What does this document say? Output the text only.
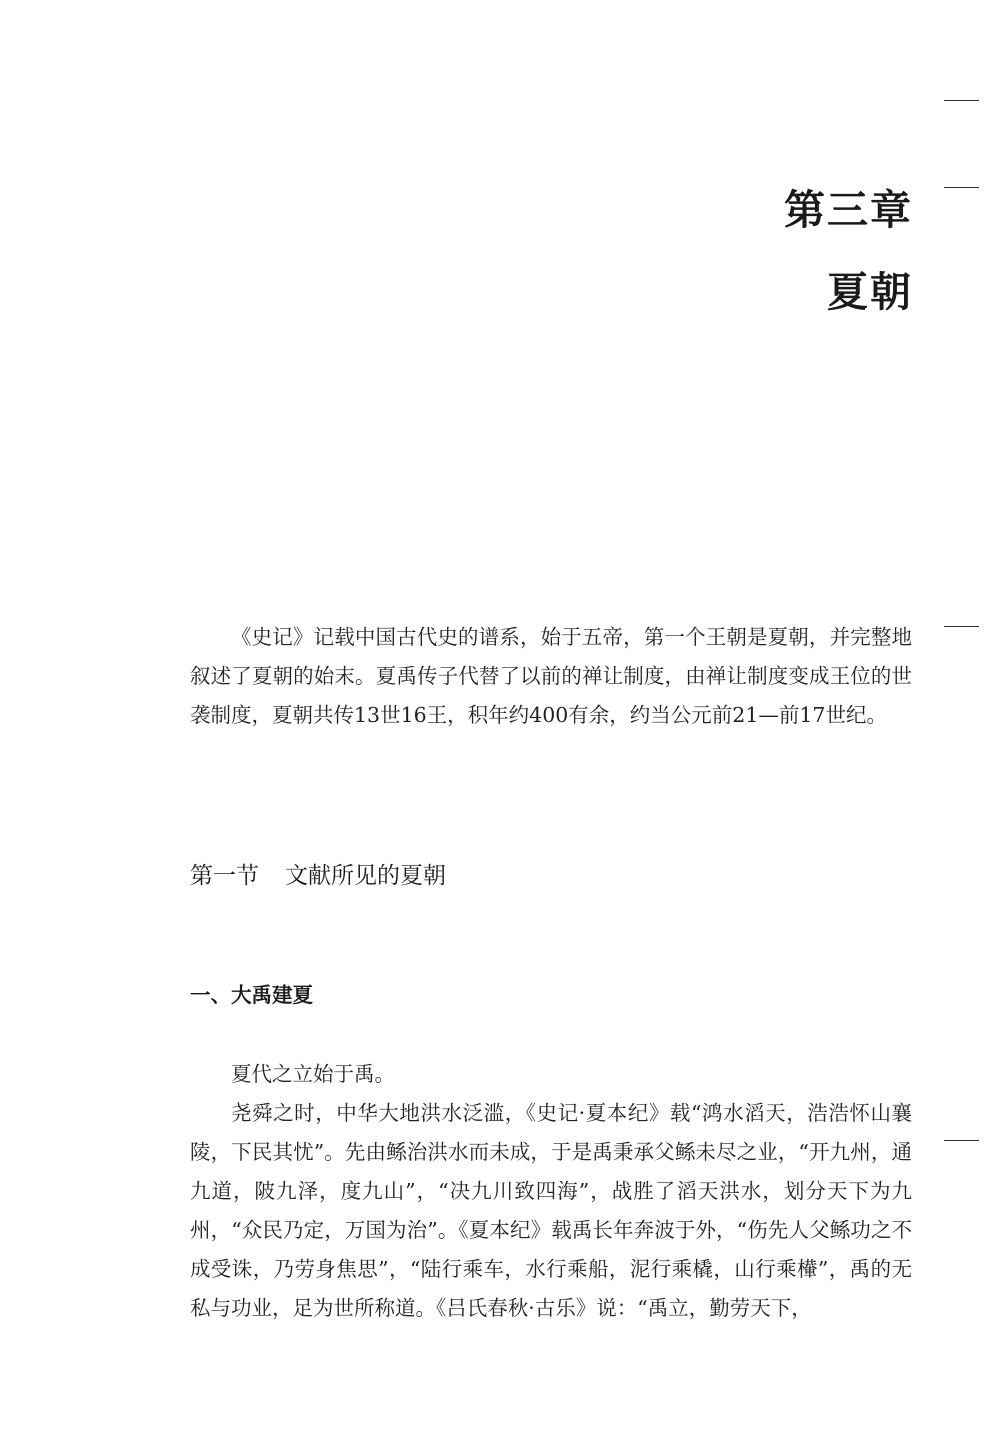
第三章
夏朝

《史记》记载中国古代史的谱系，始于五帝，第一个王朝是夏朝，并完整地叙述了夏朝的始末。夏禹传子代替了以前的禅让制度，由禅让制度变成王位的世袭制度，夏朝共传13世16王，积年约400有余，约当公元前21—前17世纪。

第一节 文献所见的夏朝
一、大禹建夏

夏代之立始于禹。

尧舜之时，中华大地洪水泛滥，《史记·夏本纪》载“鸿水滔天，浩浩怀山襄陵，下民其忧”。先由鲧治洪水而未成，于是禹秉承父鲧未尽之业，“开九州，通九道，陂九泽，度九山”，“决九川致四海”，战胜了滔天洪水，划分天下为九州，“众民乃定，万国为治”。《夏本纪》载禹长年奔波于外，“伤先人父鲧功之不成受诛，乃劳身焦思”，“陆行乘车，水行乘船，泥行乘橇，山行乘檋”，禹的无私与功业，足为世所称道。《吕氏春秋·古乐》说：“禹立，勤劳天下，
